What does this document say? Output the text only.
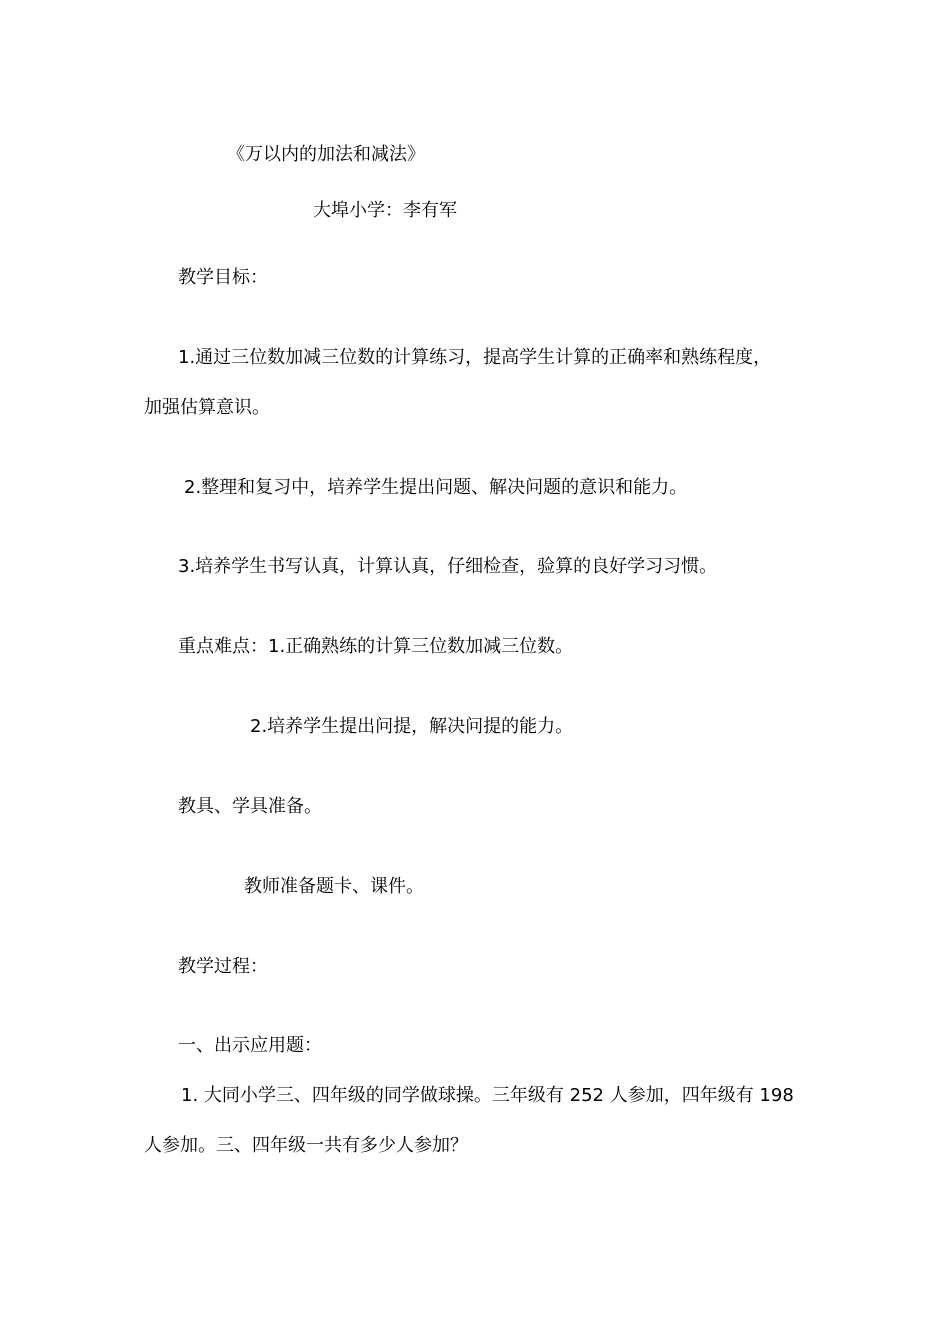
《万以内的加法和减法》
大埠小学：李有军
教学目标：
1.通过三位数加减三位数的计算练习，提高学生计算的正确率和熟练程度，
加强估算意识。
2.整理和复习中，培养学生提出问题、解决问题的意识和能力。
3.培养学生书写认真，计算认真，仔细检查，验算的良好学习习惯。
重点难点：1.正确熟练的计算三位数加减三位数。
2.培养学生提出问提，解决问提的能力。
教具、学具准备。
教师准备题卡、课件。
教学过程：
一、出示应用题：
1. 大同小学三、四年级的同学做球操。三年级有 252 人参加，四年级有 198
人参加。三、四年级一共有多少人参加？
